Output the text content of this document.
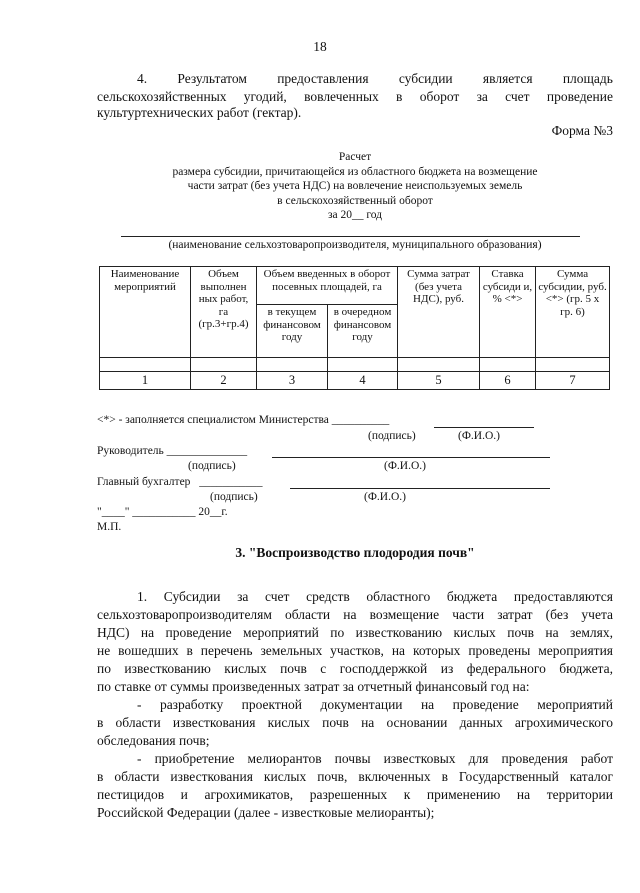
18
4. Результатом предоставления субсидии является площадь
сельскохозяйственных угодий, вовлеченных в оборот за счет проведение
культуртехнических работ (гектар).
Форма №3
Расчет
размера субсидии, причитающейся из областного бюджета на возмещение
части затрат (без учета НДС) на вовлечение неиспользуемых земель
в сельскохозяйственный оборот
за 20__ год
(наименование сельхозтоваропроизводителя, муниципального образования)
Наименование мероприятий	Объем выполнен ных работ, га (гр.3+гр.4)	Объем введенных в оборот посевных площадей, га		Сумма затрат (без учета НДС), руб.	Ставка субсиди и, % <*>	Сумма субсидии, руб. <*> (гр. 5 х гр. 6)
		в текущем финансовом году	в очередном финансовом году			

1	2	3	4	5	6	7
<*> - заполняется специалистом Министерства __________
(подпись)	(Ф.И.О.)
Руководитель ______________
(подпись)	(Ф.И.О.)
Главный бухгалтер ___________
(подпись)	(Ф.И.О.)
"____" ___________ 20__г.
М.П.
3. "Воспроизводство плодородия почв"
1. Субсидии за счет средств областного бюджета предоставляются
сельхозтоваропроизводителям области на возмещение части затрат (без учета
НДС) на проведение мероприятий по известкованию кислых почв на землях,
не вошедших в перечень земельных участков, на которых проведены мероприятия
по известкованию кислых почв с господдержкой из федерального бюджета,
по ставке от суммы произведенных затрат за отчетный финансовый год на:
- разработку проектной документации на проведение мероприятий
в области известкования кислых почв на основании данных агрохимического
обследования почв;
- приобретение мелиорантов почвы известковых для проведения работ
в области известкования кислых почв, включенных в Государственный каталог
пестицидов и агрохимикатов, разрешенных к применению на территории
Российской Федерации (далее - известковые мелиоранты);
